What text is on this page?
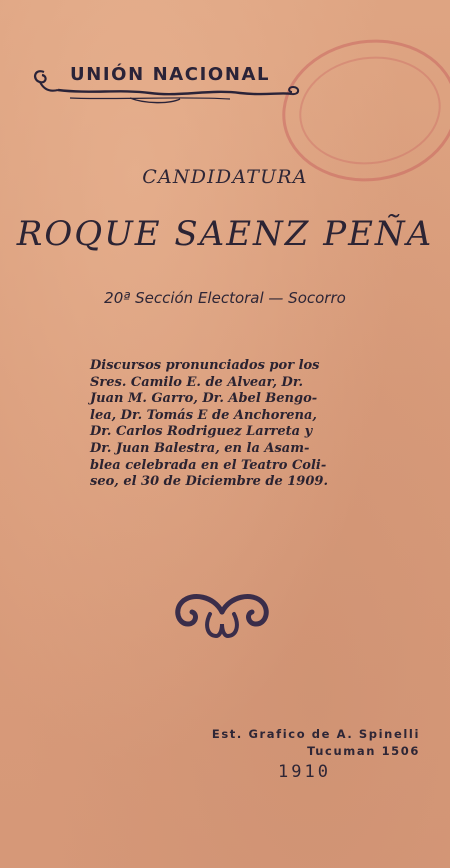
UNIÓN NACIONAL
CANDIDATURA
ROQUE SAENZ PEÑA
20ª Sección Electoral — Socorro
Discursos pronunciados por los
Sres. Camilo E. de Alvear, Dr.
Juan M. Garro, Dr. Abel Bengo-
lea, Dr. Tomás E de Anchorena,
Dr. Carlos Rodriguez Larreta y
Dr. Juan Balestra, en la Asam-
blea celebrada en el Teatro Coli-
seo, el 30 de Diciembre de 1909.
Est. Grafico de A. Spinelli
Tucuman 1506
1910
